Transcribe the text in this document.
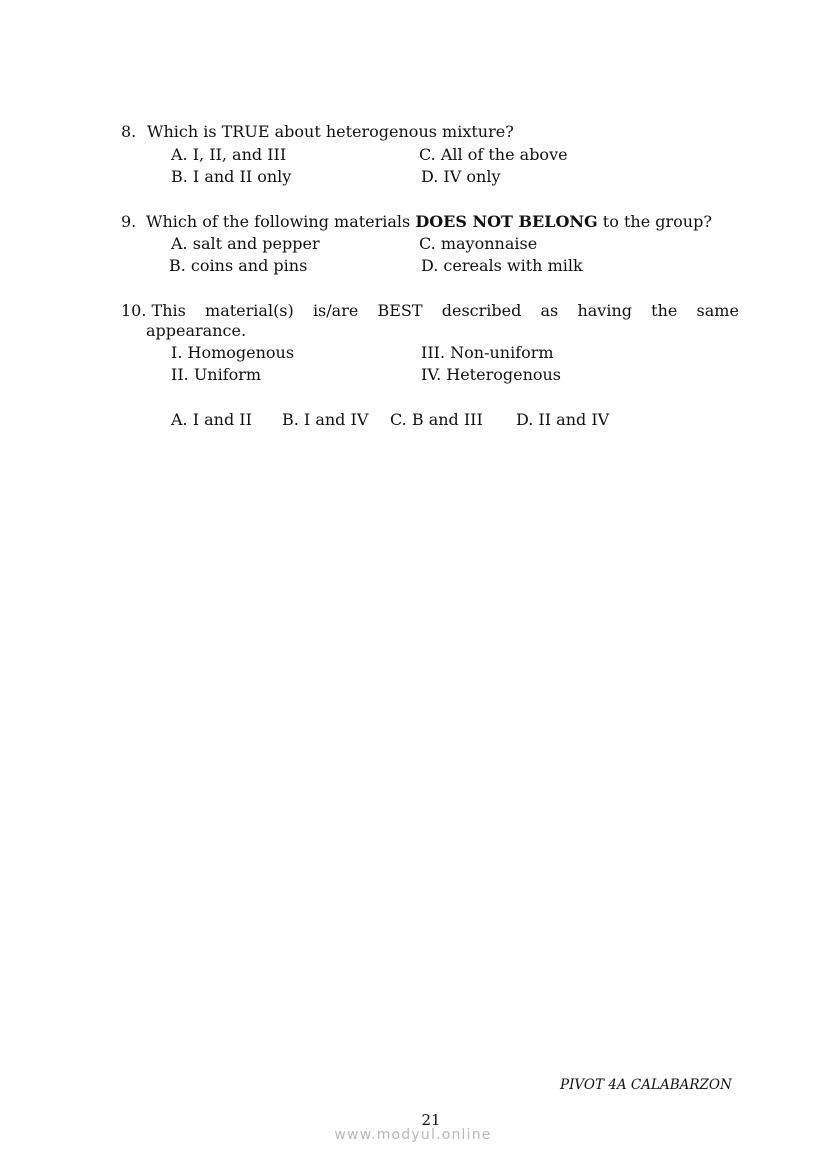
8. Which is TRUE about heterogenous mixture?
A. I, II, and III	C. All of the above
B. I and II only	D. IV only
9. Which of the following materials DOES NOT BELONG to the group?
A. salt and pepper	C. mayonnaise
B. coins and pins	D. cereals with milk
10. This material(s) is/are BEST described as having the same
appearance.
I. Homogenous	III. Non-uniform
II. Uniform	IV. Heterogenous
A. I and II B. I and IV C. B and III D. II and IV
PIVOT 4A CALABARZON
21
www.modyul.online
